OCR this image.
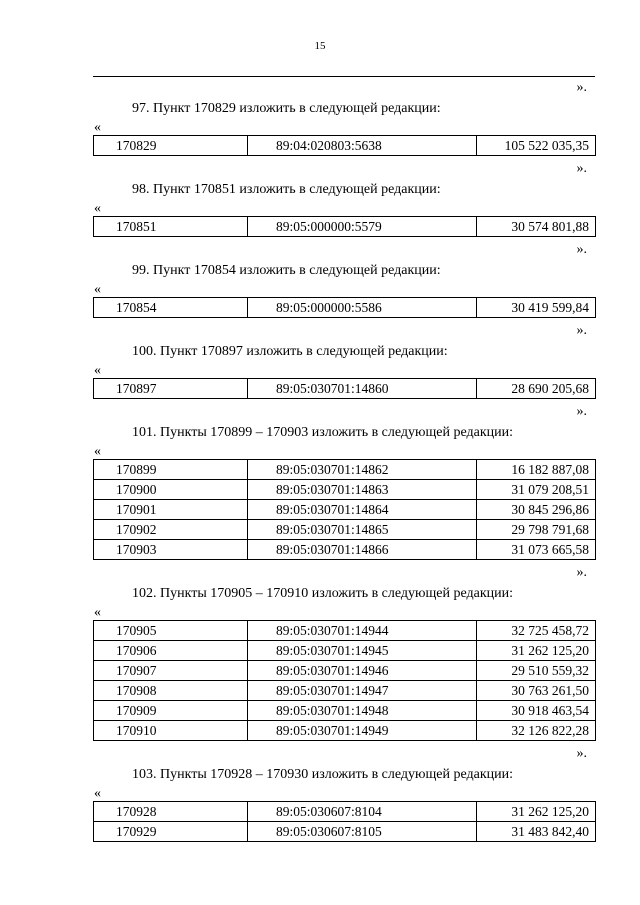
15
».
97. Пункт 170829 изложить в следующей редакции:
«
170829	89:04:020803:5638	105 522 035,35
».
98. Пункт 170851 изложить в следующей редакции:
«
170851	89:05:000000:5579	30 574 801,88
».
99. Пункт 170854 изложить в следующей редакции:
«
170854	89:05:000000:5586	30 419 599,84
».
100. Пункт 170897 изложить в следующей редакции:
«
170897	89:05:030701:14860	28 690 205,68
».
101. Пункты 170899 – 170903 изложить в следующей редакции:
«
170899	89:05:030701:14862	16 182 887,08
170900	89:05:030701:14863	31 079 208,51
170901	89:05:030701:14864	30 845 296,86
170902	89:05:030701:14865	29 798 791,68
170903	89:05:030701:14866	31 073 665,58
».
102. Пункты 170905 – 170910 изложить в следующей редакции:
«
170905	89:05:030701:14944	32 725 458,72
170906	89:05:030701:14945	31 262 125,20
170907	89:05:030701:14946	29 510 559,32
170908	89:05:030701:14947	30 763 261,50
170909	89:05:030701:14948	30 918 463,54
170910	89:05:030701:14949	32 126 822,28
».
103. Пункты 170928 – 170930 изложить в следующей редакции:
«
170928	89:05:030607:8104	31 262 125,20
170929	89:05:030607:8105	31 483 842,40
